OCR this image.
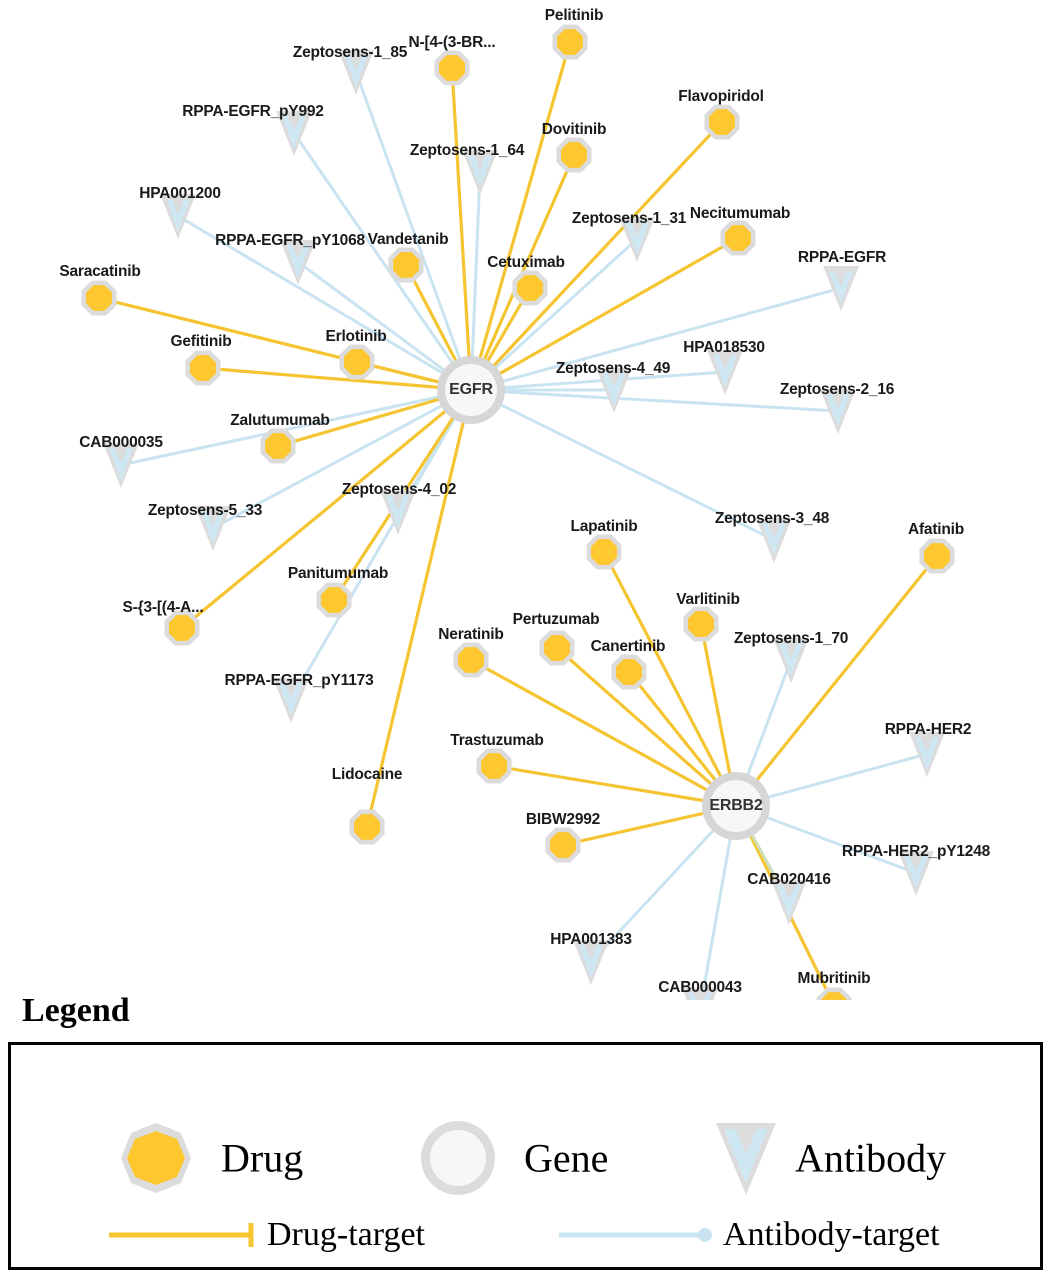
Zeptosens-1_85
RPPA-EGFR_pY992
Zeptosens-1_64
HPA001200
Zeptosens-1_31
RPPA-EGFR_pY1068
RPPA-EGFR
HPA018530
Zeptosens-4_49
Zeptosens-2_16
CAB000035
Zeptosens-5_33
Zeptosens-4_02
Zeptosens-3_48
Zeptosens-1_70
RPPA-EGFR_pY1173
RPPA-HER2
RPPA-HER2_pY1248
CAB020416
HPA001383
CAB000043
Pelitinib
N-[4-(3-BR...
Flavopiridol
Dovitinib
Necitumumab
Vandetanib
Cetuximab
Saracatinib
Gefitinib	Erlotinib
Zalutumumab
Afatinib
Lapatinib
Varlitinib
Panitumumab
S-{3-[(4-A...
Pertuzumab
Neratinib
Canertinib
Trastuzumab
Lidocaine
BIBW2992
Mubritinib
EGFR
ERBB2
Legend
Drug	Gene	Antibody
Drug-target	Antibody-target
